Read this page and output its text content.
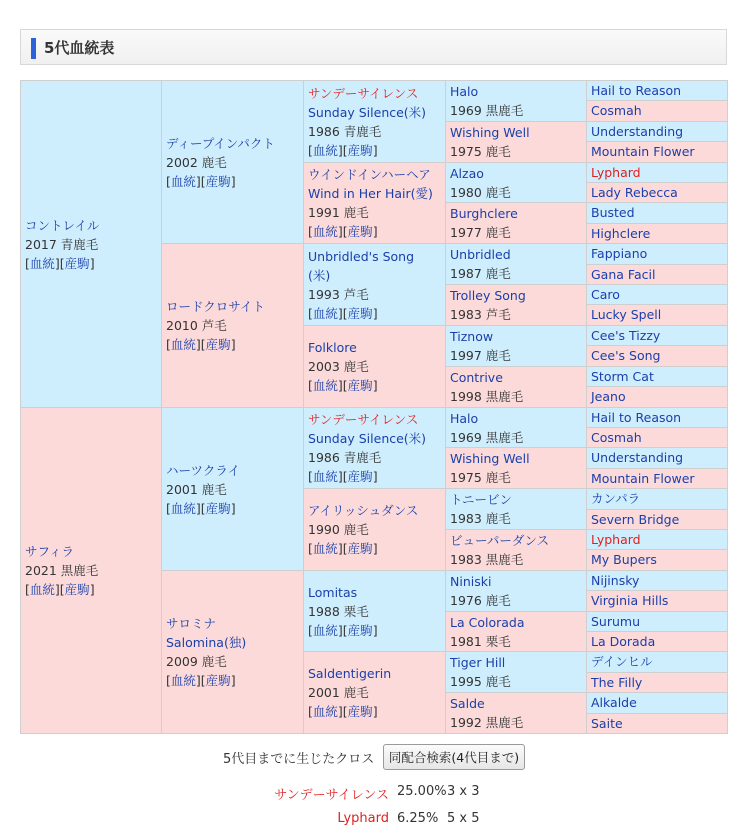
5代血統表
コントレイル
2017 青鹿毛
[血統][産駒]
サフィラ
2021 黒鹿毛
[血統][産駒]
ディープインパクト
2002 鹿毛
[血統][産駒]
ロードクロサイト
2010 芦毛
[血統][産駒]
ハーツクライ
2001 鹿毛
[血統][産駒]
サロミナ
Salomina(独)
2009 鹿毛
[血統][産駒]
サンデーサイレンス
Sunday Silence(米)
1986 青鹿毛
[血統][産駒]
ウインドインハーヘア
Wind in Her Hair(愛)
1991 鹿毛
[血統][産駒]
Unbridled's Song
(米)
1993 芦毛
[血統][産駒]
Folklore
2003 鹿毛
[血統][産駒]
サンデーサイレンス
Sunday Silence(米)
1986 青鹿毛
[血統][産駒]
アイリッシュダンス
1990 鹿毛
[血統][産駒]
Lomitas
1988 栗毛
[血統][産駒]
Saldentigerin
2001 鹿毛
[血統][産駒]
Halo
1969 黒鹿毛
Wishing Well
1975 鹿毛
Alzao
1980 鹿毛
Burghclere
1977 鹿毛
Unbridled
1987 鹿毛
Trolley Song
1983 芦毛
Tiznow
1997 鹿毛
Contrive
1998 黒鹿毛
Halo
1969 黒鹿毛
Wishing Well
1975 鹿毛
トニービン
1983 鹿毛
ビューパーダンス
1983 黒鹿毛
Niniski
1976 鹿毛
La Colorada
1981 栗毛
Tiger Hill
1995 鹿毛
Salde
1992 黒鹿毛
Hail to Reason
Cosmah
Understanding
Mountain Flower
Lyphard
Lady Rebecca
Busted
Highclere
Fappiano
Gana Facil
Caro
Lucky Spell
Cee's Tizzy
Cee's Song
Storm Cat
Jeano
Hail to Reason
Cosmah
Understanding
Mountain Flower
カンパラ
Severn Bridge
Lyphard
My Bupers
Nijinsky
Virginia Hills
Surumu
La Dorada
デインヒル
The Filly
Alkalde
Saite
5代目までに生じたクロス	同配合検索(4代目まで)
サンデーサイレンス 25.00% 3 x 3
Lyphard 6.25% 5 x 5
